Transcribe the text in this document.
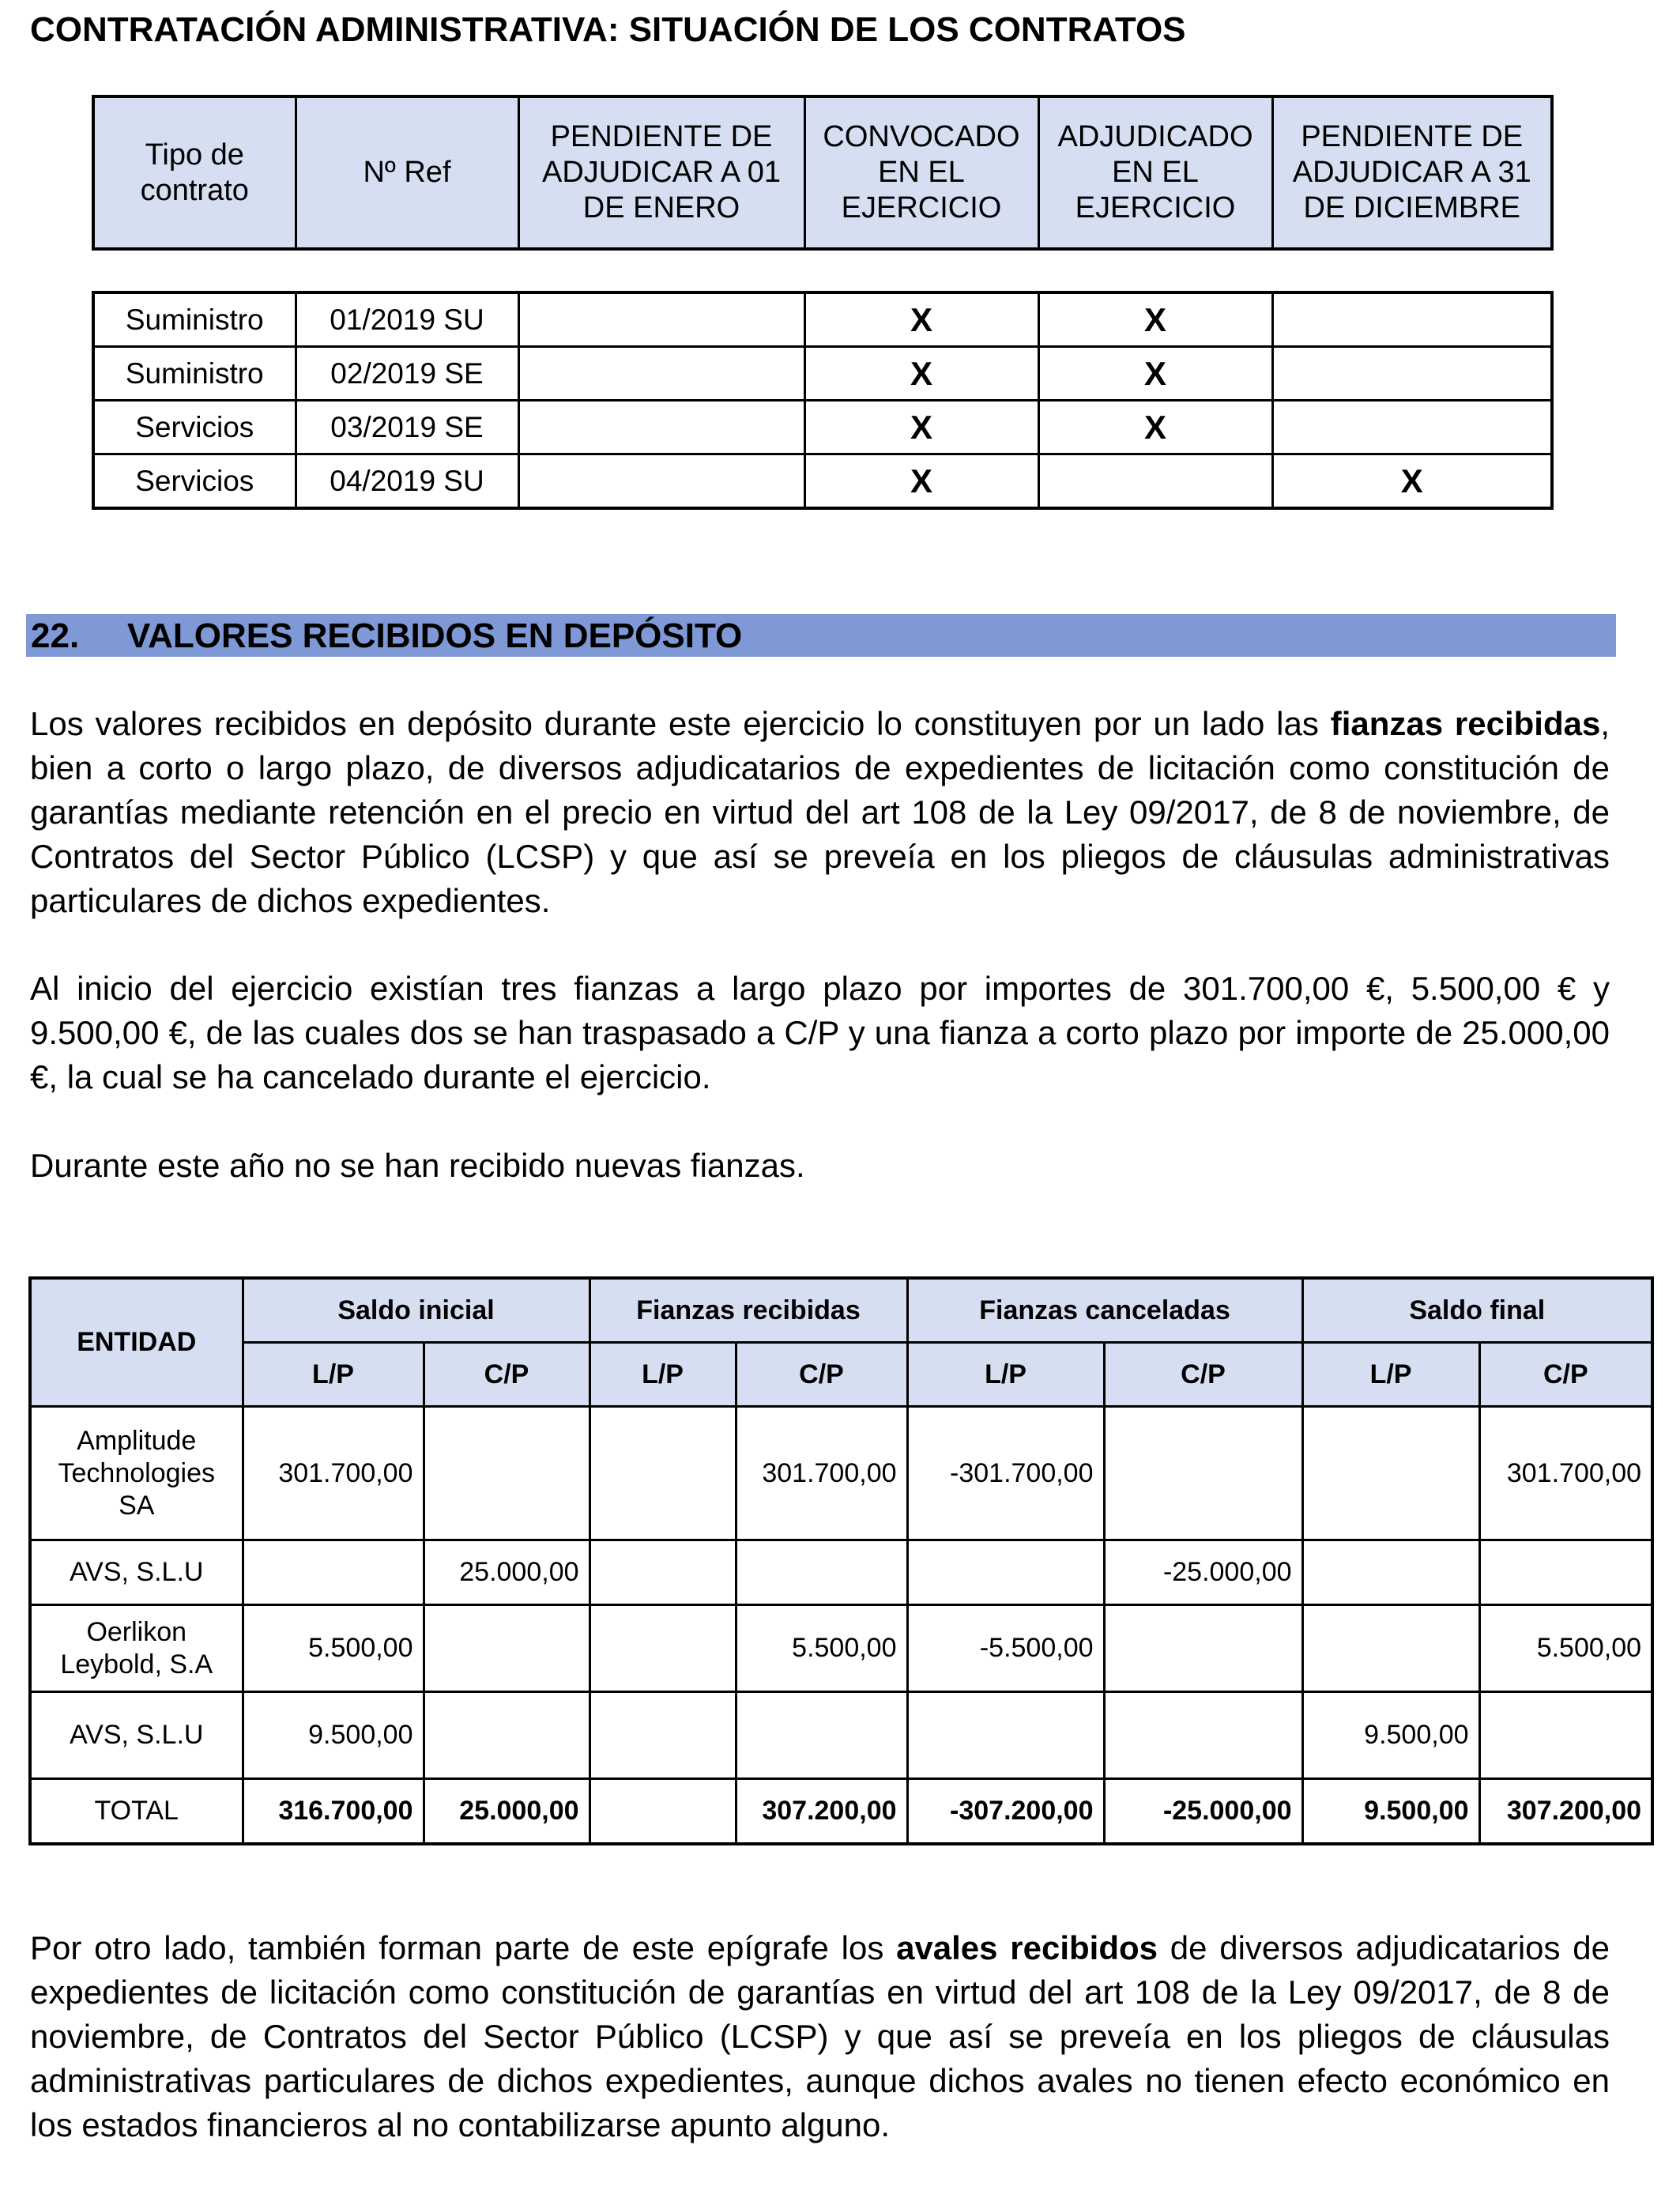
CONTRATACIÓN ADMINISTRATIVA: SITUACIÓN DE LOS CONTRATOS
Tipo de contrato	Nº Ref	PENDIENTE DE ADJUDICAR A 01 DE ENERO	CONVOCADO EN EL EJERCICIO	ADJUDICADO EN EL EJERCICIO	PENDIENTE DE ADJUDICAR A 31 DE DICIEMBRE
Suministro	01/2019 SU		X	X	
Suministro	02/2019 SE		X	X	
Servicios	03/2019 SE		X	X	
Servicios	04/2019 SU		X		X
22. VALORES RECIBIDOS EN DEPÓSITO

Los valores recibidos en depósito durante este ejercicio lo constituyen por un lado las fianzas recibidas, bien a corto o largo plazo, de diversos adjudicatarios de expedientes de licitación como constitución de garantías mediante retención en el precio en virtud del art 108 de la Ley 09/2017, de 8 de noviembre, de Contratos del Sector Público (LCSP) y que así se preveía en los pliegos de cláusulas administrativas particulares de dichos expedientes.

Al inicio del ejercicio existían tres fianzas a largo plazo por importes de 301.700,00 €, 5.500,00 € y 9.500,00 €, de las cuales dos se han traspasado a C/P y una fianza a corto plazo por importe de 25.000,00 €, la cual se ha cancelado durante el ejercicio.

Durante este año no se han recibido nuevas fianzas.

ENTIDAD	Saldo inicial		Fianzas recibidas		Fianzas canceladas		Saldo final	
	L/P	C/P	L/P	C/P	L/P	C/P	L/P	C/P
Amplitude Technologies SA	301.700,00			301.700,00	-301.700,00			301.700,00
AVS, S.L.U		25.000,00				-25.000,00		
Oerlikon Leybold, S.A	5.500,00			5.500,00	-5.500,00			5.500,00
AVS, S.L.U	9.500,00						9.500,00	
TOTAL	316.700,00	25.000,00		307.200,00	-307.200,00	-25.000,00	9.500,00	307.200,00

Por otro lado, también forman parte de este epígrafe los avales recibidos de diversos adjudicatarios de expedientes de licitación como constitución de garantías en virtud del art 108 de la Ley 09/2017, de 8 de noviembre, de Contratos del Sector Público (LCSP) y que así se preveía en los pliegos de cláusulas administrativas particulares de dichos expedientes, aunque dichos avales no tienen efecto económico en los estados financieros al no contabilizarse apunto alguno.
